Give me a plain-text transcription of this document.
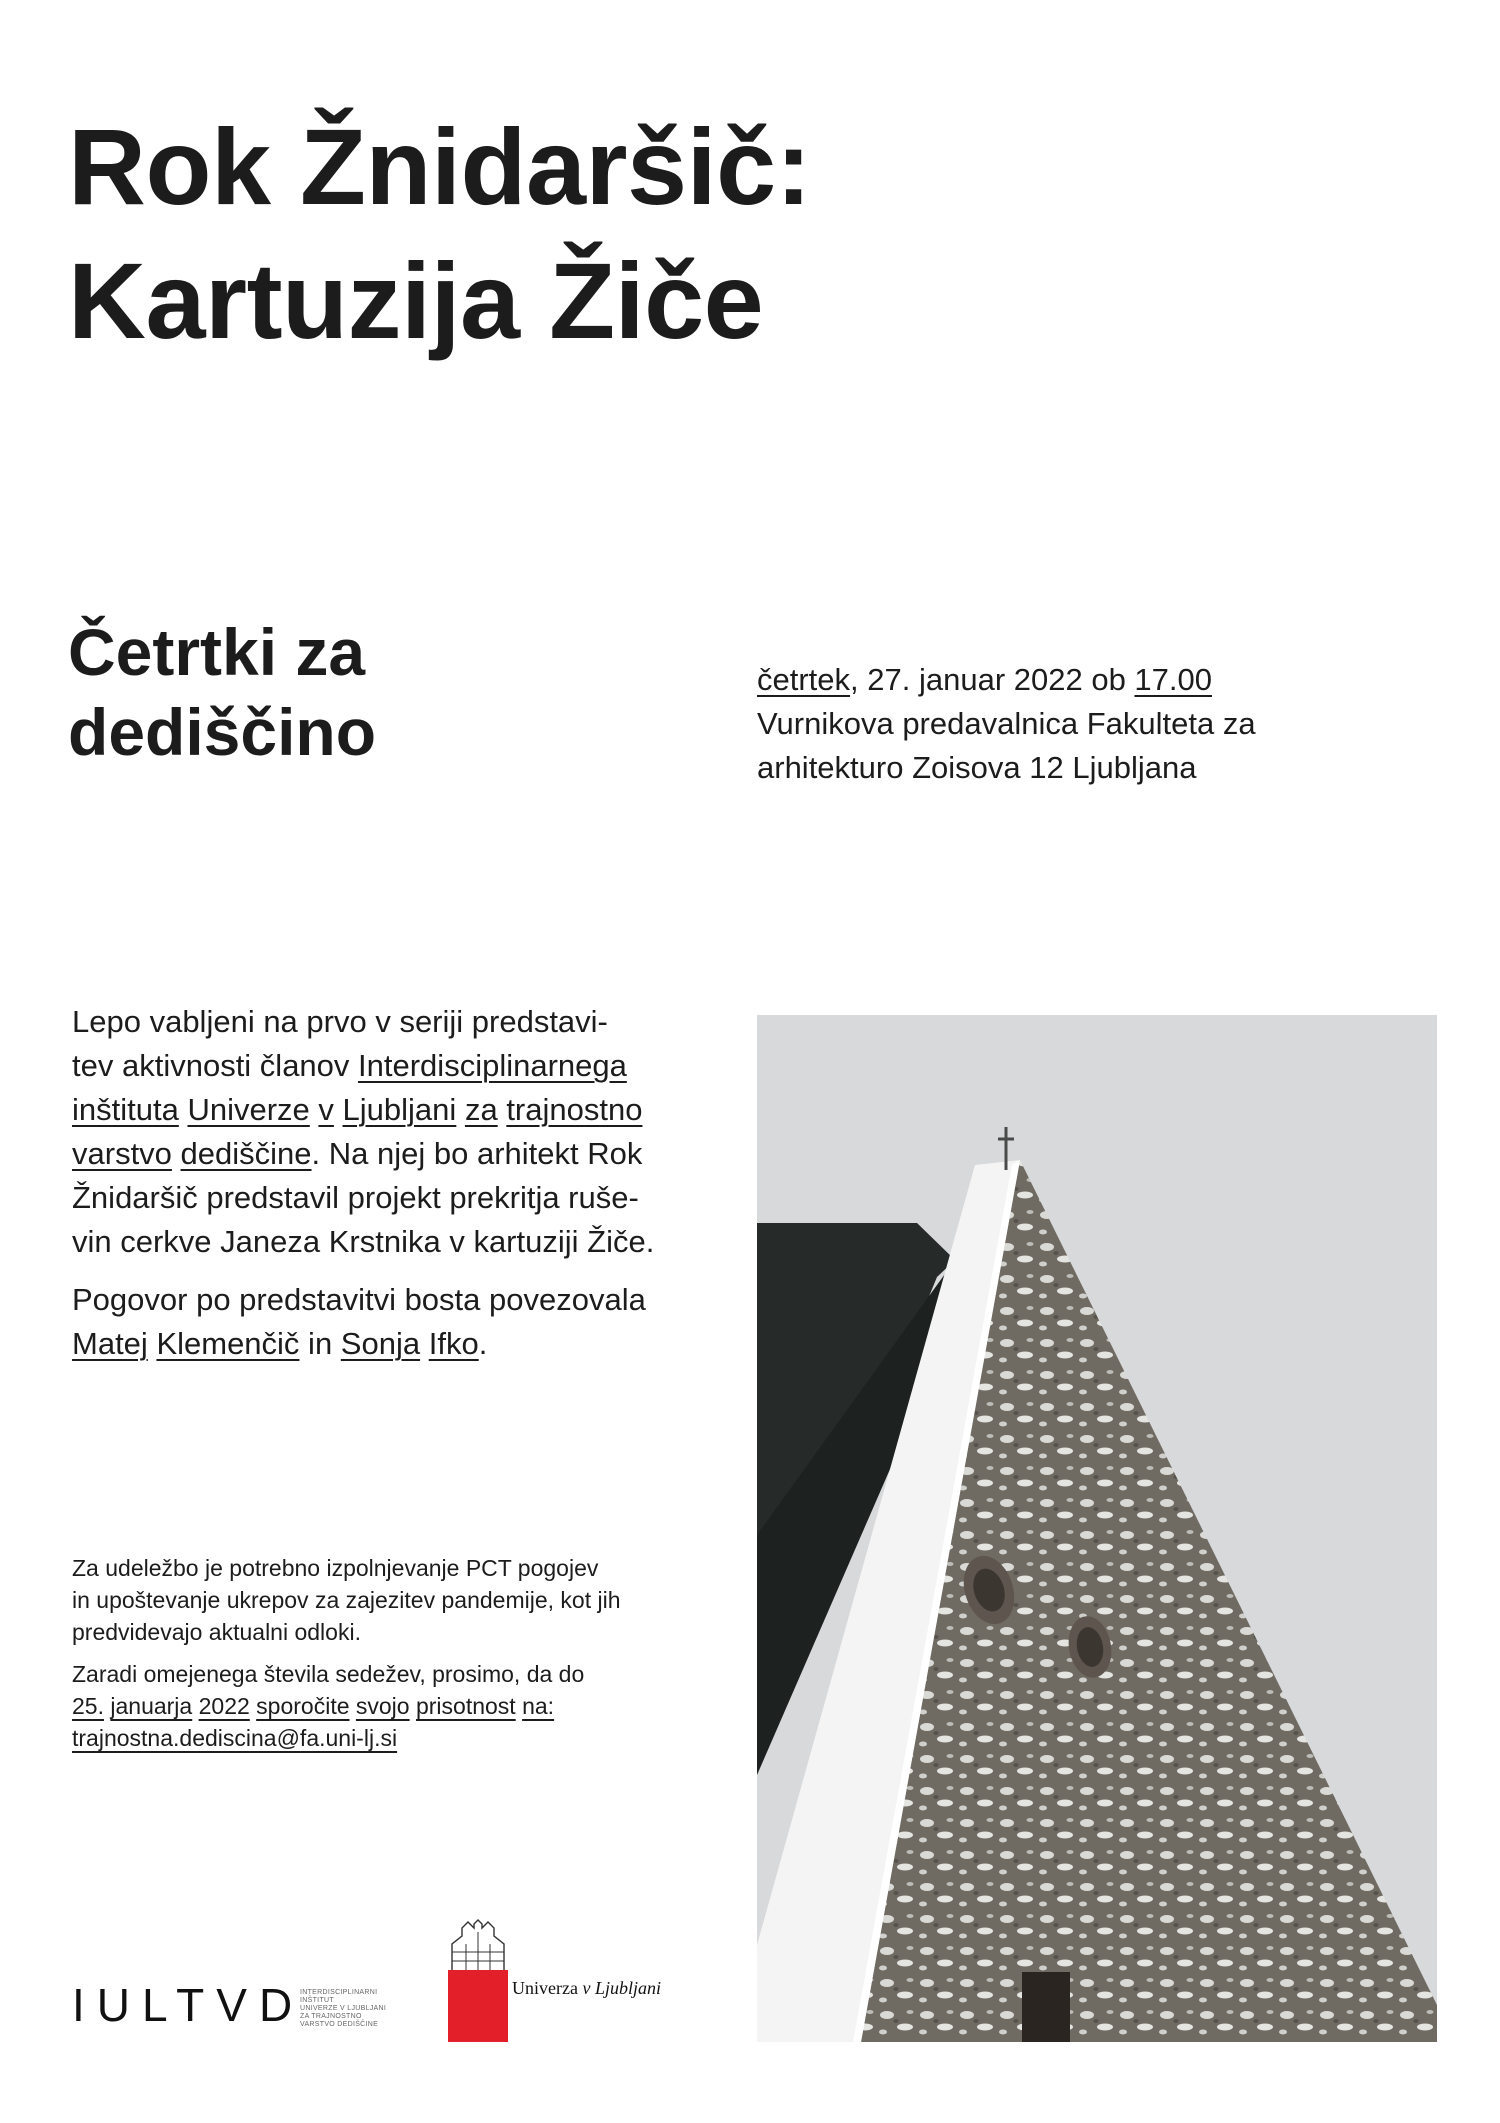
Rok Žnidaršič:
Kartuzija Žiče
Četrtki za
dediščino
četrtek, 27. januar 2022 ob 17.00
Vurnikova predavalnica Fakulteta za
arhitekturo Zoisova 12 Ljubljana

Lepo vabljeni na prvo v seriji predstavi-
tev aktivnosti članov Interdisciplinarnega
inštituta Univerze v Ljubljani za trajnostno
varstvo dediščine. Na njej bo arhitekt Rok
Žnidaršič predstavil projekt prekritja ruše-
vin cerkve Janeza Krstnika v kartuziji Žiče.

Pogovor po predstavitvi bosta povezovala
Matej Klemenčič in Sonja Ifko.

Za udeležbo je potrebno izpolnjevanje PCT pogojev
in upoštevanje ukrepov za zajezitev pandemije, kot jih
predvidevajo aktualni odloki.

Zaradi omejenega števila sedežev, prosimo, da do
25. januarja 2022 sporočite svojo prisotnost na:
trajnostna.dediscina@fa.uni-lj.si

IULTVD
INTERDISCIPLINARNI
INŠTITUT
UNIVERZE V LJUBLJANI
ZA TRAJNOSTNO
VARSTVO DEDIŠČINE
Univerza v Ljubljani
